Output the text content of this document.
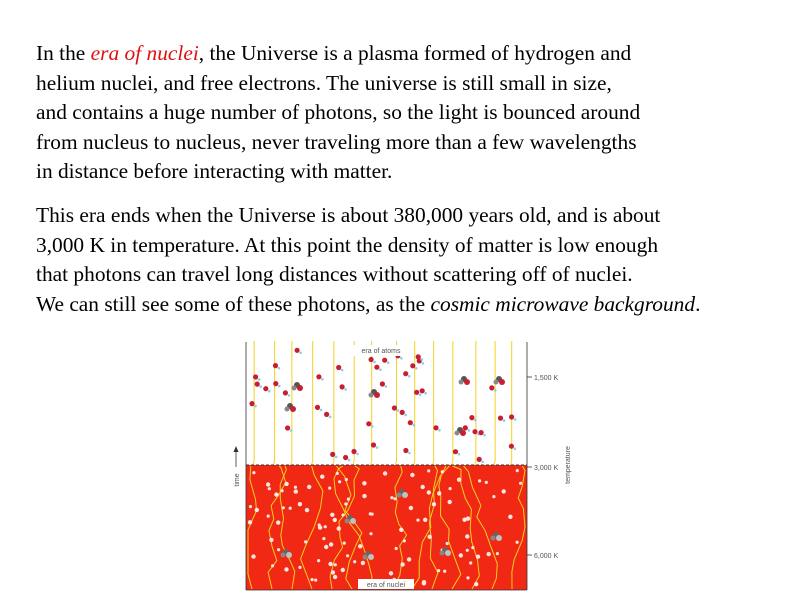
In the era of nuclei, the Universe is a plasma formed of hydrogen and
helium nuclei, and free electrons. The universe is still small in size,
and contains a huge number of photons, so the light is bounced around
from nucleus to nucleus, never traveling more than a few wavelengths
in distance before interacting with matter.

This era ends when the Universe is about 380,000 years old, and is about
3,000 K in temperature. At this point the density of matter is low enough
that photons can travel long distances without scattering off of nuclei.
We can still see some of these photons, as the cosmic microwave background.

era of atoms
era of nuclei
1,500 K
3,000 K
6,000 K
temperature
time
